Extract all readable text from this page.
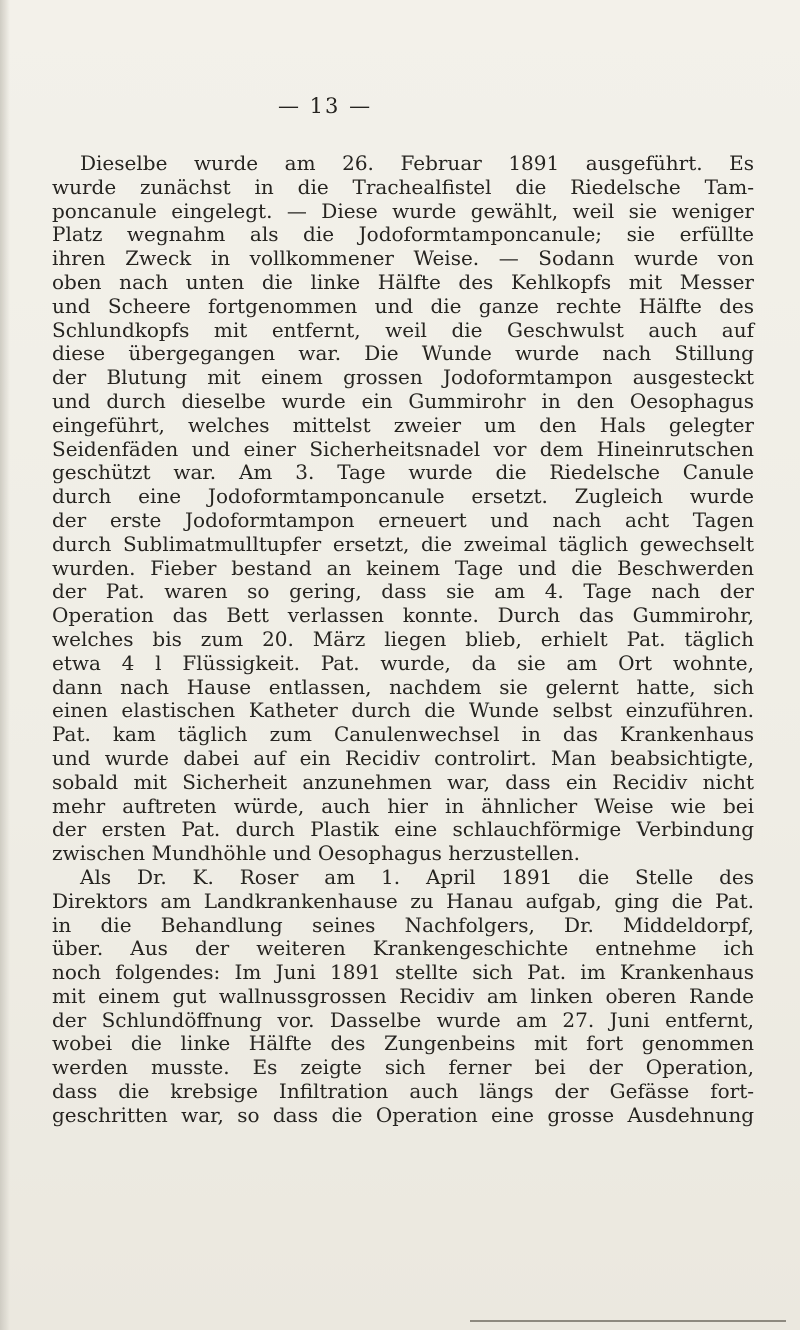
— 13 —
Dieselbe wurde am 26. Februar 1891 ausgeführt. Es
wurde zunächst in die Trachealfistel die Riedelsche Tam-
poncanule eingelegt. — Diese wurde gewählt, weil sie weniger
Platz wegnahm als die Jodoformtamponcanule; sie erfüllte
ihren Zweck in vollkommener Weise. — Sodann wurde von
oben nach unten die linke Hälfte des Kehlkopfs mit Messer
und Scheere fortgenommen und die ganze rechte Hälfte des
Schlundkopfs mit entfernt, weil die Geschwulst auch auf
diese übergegangen war. Die Wunde wurde nach Stillung
der Blutung mit einem grossen Jodoformtampon ausgesteckt
und durch dieselbe wurde ein Gummirohr in den Oesophagus
eingeführt, welches mittelst zweier um den Hals gelegter
Seidenfäden und einer Sicherheitsnadel vor dem Hineinrutschen
geschützt war. Am 3. Tage wurde die Riedelsche Canule
durch eine Jodoformtamponcanule ersetzt. Zugleich wurde
der erste Jodoformtampon erneuert und nach acht Tagen
durch Sublimatmulltupfer ersetzt, die zweimal täglich gewechselt
wurden. Fieber bestand an keinem Tage und die Beschwerden
der Pat. waren so gering, dass sie am 4. Tage nach der
Operation das Bett verlassen konnte. Durch das Gummirohr,
welches bis zum 20. März liegen blieb, erhielt Pat. täglich
etwa 4 l Flüssigkeit. Pat. wurde, da sie am Ort wohnte,
dann nach Hause entlassen, nachdem sie gelernt hatte, sich
einen elastischen Katheter durch die Wunde selbst einzuführen.
Pat. kam täglich zum Canulenwechsel in das Krankenhaus
und wurde dabei auf ein Recidiv controlirt. Man beabsichtigte,
sobald mit Sicherheit anzunehmen war, dass ein Recidiv nicht
mehr auftreten würde, auch hier in ähnlicher Weise wie bei
der ersten Pat. durch Plastik eine schlauchförmige Verbindung
zwischen Mundhöhle und Oesophagus herzustellen.
Als Dr. K. Roser am 1. April 1891 die Stelle des
Direktors am Landkrankenhause zu Hanau aufgab, ging die Pat.
in die Behandlung seines Nachfolgers, Dr. Middeldorpf,
über. Aus der weiteren Krankengeschichte entnehme ich
noch folgendes: Im Juni 1891 stellte sich Pat. im Krankenhaus
mit einem gut wallnussgrossen Recidiv am linken oberen Rande
der Schlundöffnung vor. Dasselbe wurde am 27. Juni entfernt,
wobei die linke Hälfte des Zungenbeins mit fort genommen
werden musste. Es zeigte sich ferner bei der Operation,
dass die krebsige Infiltration auch längs der Gefässe fort-
geschritten war, so dass die Operation eine grosse Ausdehnung
